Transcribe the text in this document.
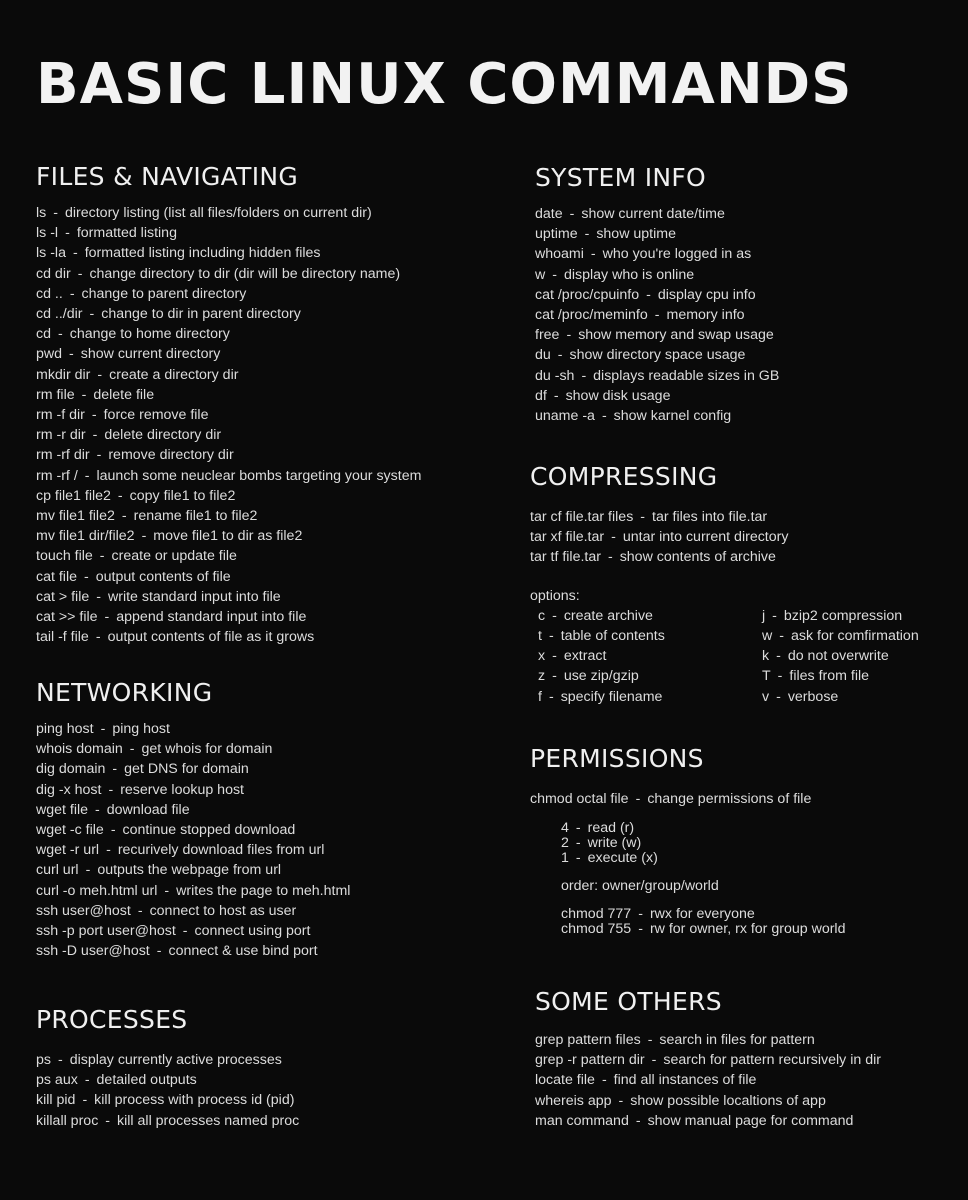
BASIC LINUX COMMANDS
FILES & NAVIGATING
ls - directory listing (list all files/folders on current dir)
ls -l - formatted listing
ls -la - formatted listing including hidden files
cd dir - change directory to dir (dir will be directory name)
cd .. - change to parent directory
cd ../dir - change to dir in parent directory
cd - change to home directory
pwd - show current directory
mkdir dir - create a directory dir
rm file - delete file
rm -f dir - force remove file
rm -r dir - delete directory dir
rm -rf dir - remove directory dir
rm -rf / - launch some neuclear bombs targeting your system
cp file1 file2 - copy file1 to file2
mv file1 file2 - rename file1 to file2
mv file1 dir/file2 - move file1 to dir as file2
touch file - create or update file
cat file - output contents of file
cat > file - write standard input into file
cat >> file - append standard input into file
tail -f file - output contents of file as it grows
NETWORKING
ping host - ping host
whois domain - get whois for domain
dig domain - get DNS for domain
dig -x host - reserve lookup host
wget file - download file
wget -c file - continue stopped download
wget -r url - recurively download files from url
curl url - outputs the webpage from url
curl -o meh.html url - writes the page to meh.html
ssh user@host - connect to host as user
ssh -p port user@host - connect using port
ssh -D user@host - connect & use bind port
PROCESSES
ps - display currently active processes
ps aux - detailed outputs
kill pid - kill process with process id (pid)
killall proc - kill all processes named proc
SYSTEM INFO
date - show current date/time
uptime - show uptime
whoami - who you're logged in as
w - display who is online
cat /proc/cpuinfo - display cpu info
cat /proc/meminfo - memory info
free - show memory and swap usage
du - show directory space usage
du -sh - displays readable sizes in GB
df - show disk usage
uname -a - show karnel config
COMPRESSING
tar cf file.tar files - tar files into file.tar
tar xf file.tar - untar into current directory
tar tf file.tar - show contents of archive
options:
c - create archive	j - bzip2 compression
t - table of contents	w - ask for comfirmation
x - extract	k - do not overwrite
z - use zip/gzip	T - files from file
f - specify filename	v - verbose
PERMISSIONS
chmod octal file - change permissions of file
4 - read (r)
2 - write (w)
1 - execute (x)
order: owner/group/world
chmod 777 - rwx for everyone
chmod 755 - rw for owner, rx for group world
SOME OTHERS
grep pattern files - search in files for pattern
grep -r pattern dir - search for pattern recursively in dir
locate file - find all instances of file
whereis app - show possible localtions of app
man command - show manual page for command
